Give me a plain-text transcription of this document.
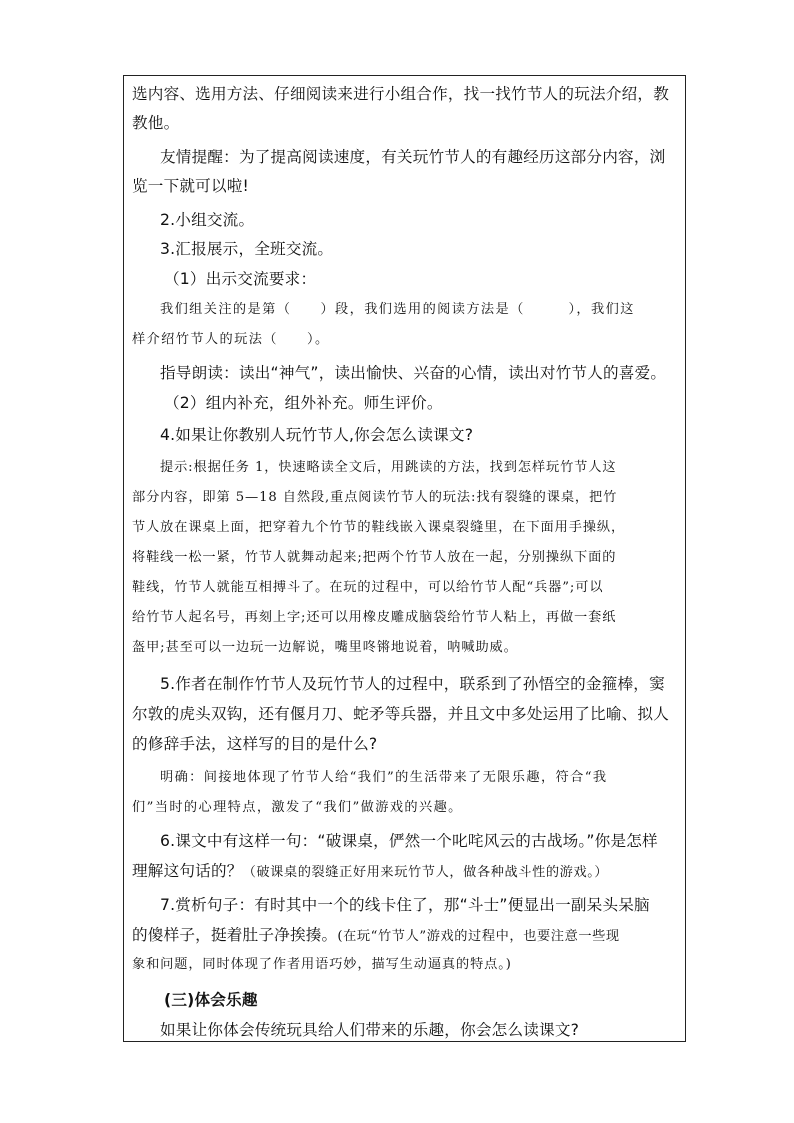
选内容、选用方法、仔细阅读来进行小组合作，找一找竹节人的玩法介绍，教
教他。
友情提醒：为了提高阅读速度，有关玩竹节人的有趣经历这部分内容，浏
览一下就可以啦!
2.小组交流。
3.汇报展示，全班交流。
（1）出示交流要求：
我们组关注的是第（　　）段，我们选用的阅读方法是（　　　），我们这
样介绍竹节人的玩法（　　）。
指导朗读：读出“神气”，读出愉快、兴奋的心情，读出对竹节人的喜爱。
（2）组内补充，组外补充。师生评价。
4.如果让你教别人玩竹节人,你会怎么读课文?
提示:根据任务 1，快速略读全文后，用跳读的方法，找到怎样玩竹节人这
部分内容，即第 5—18 自然段,重点阅读竹节人的玩法:找有裂缝的课桌，把竹
节人放在课桌上面，把穿着九个竹节的鞋线嵌入课桌裂缝里，在下面用手操纵，
将鞋线一松一紧，竹节人就舞动起来;把两个竹节人放在一起，分别操纵下面的
鞋线，竹节人就能互相搏斗了。在玩的过程中，可以给竹节人配“兵器”;可以
给竹节人起名号，再刻上字;还可以用橡皮雕成脑袋给竹节人粘上，再做一套纸
盔甲;甚至可以一边玩一边解说，嘴里咚锵地说着，呐喊助威。
5.作者在制作竹节人及玩竹节人的过程中，联系到了孙悟空的金箍棒，窦
尔敦的虎头双钩，还有偃月刀、蛇矛等兵器，并且文中多处运用了比喻、拟人
的修辞手法，这样写的目的是什么?
明确：间接地体现了竹节人给“我们”的生活带来了无限乐趣，符合“我
们”当时的心理特点，激发了“我们”做游戏的兴趣。
6.课文中有这样一句：“破课桌，俨然一个叱咤风云的古战场。”你是怎样
理解这句话的？（破课桌的裂缝正好用来玩竹节人，做各种战斗性的游戏。）
7.赏析句子：有时其中一个的线卡住了，那“斗士”便显出一副呆头呆脑
的傻样子，挺着肚子净挨揍。(在玩“竹节人”游戏的过程中，也要注意一些现
象和问题，同时体现了作者用语巧妙，描写生动逼真的特点。)
(三)体会乐趣
如果让你体会传统玩具给人们带来的乐趣，你会怎么读课文?
